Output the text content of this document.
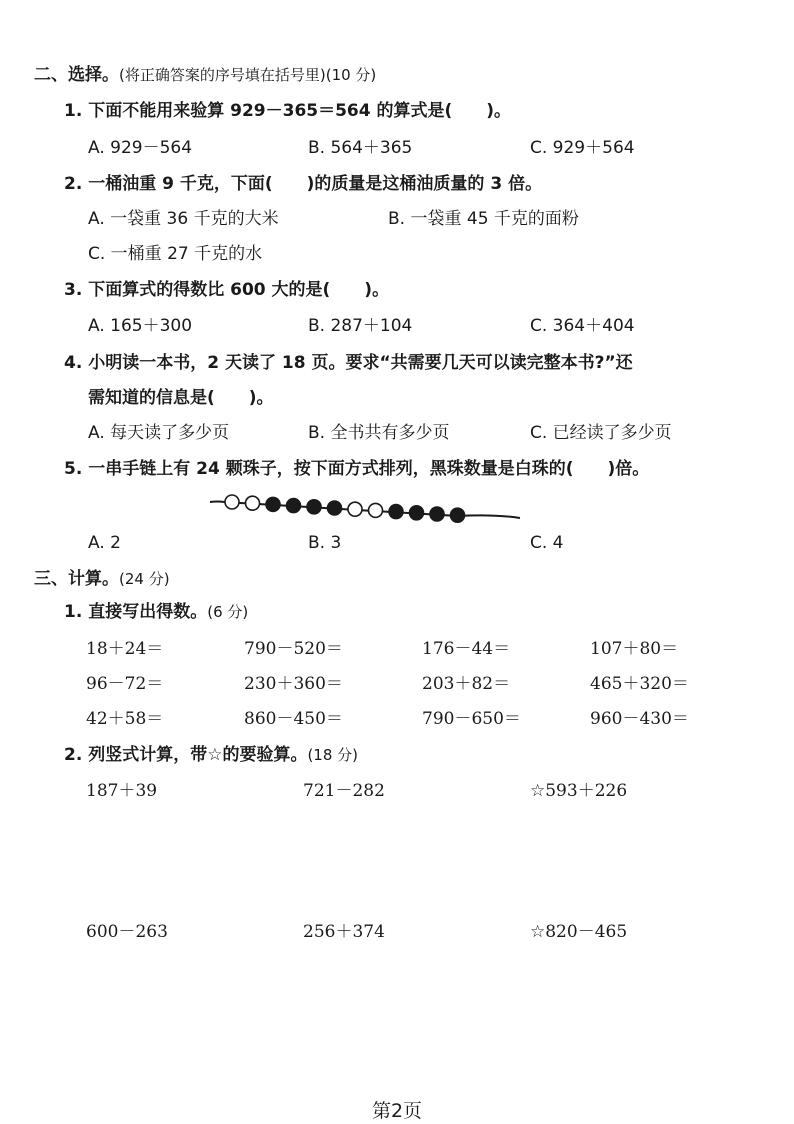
二、选择。(将正确答案的序号填在括号里)(10 分)
1. 下面不能用来验算 929－365＝564 的算式是(　　)。
A. 929－564	B. 564＋365	C. 929＋564
2. 一桶油重 9 千克，下面(　　)的质量是这桶油质量的 3 倍。
A. 一袋重 36 千克的大米	B. 一袋重 45 千克的面粉
C. 一桶重 27 千克的水
3. 下面算式的得数比 600 大的是(　　)。
A. 165＋300	B. 287＋104	C. 364＋404
4. 小明读一本书，2 天读了 18 页。要求“共需要几天可以读完整本书?”还
需知道的信息是(　　)。
A. 每天读了多少页	B. 全书共有多少页	C. 已经读了多少页
5. 一串手链上有 24 颗珠子，按下面方式排列，黑珠数量是白珠的(　　)倍。
A. 2	B. 3	C. 4
三、计算。(24 分)
1. 直接写出得数。(6 分)
18＋24＝	790－520＝	176－44＝	107＋80＝
96－72＝	230＋360＝	203＋82＝	465＋320＝
42＋58＝	860－450＝	790－650＝	960－430＝
2. 列竖式计算，带☆的要验算。(18 分)
187＋39	721－282	☆593＋226
600－263	256＋374	☆820－465
第2页
